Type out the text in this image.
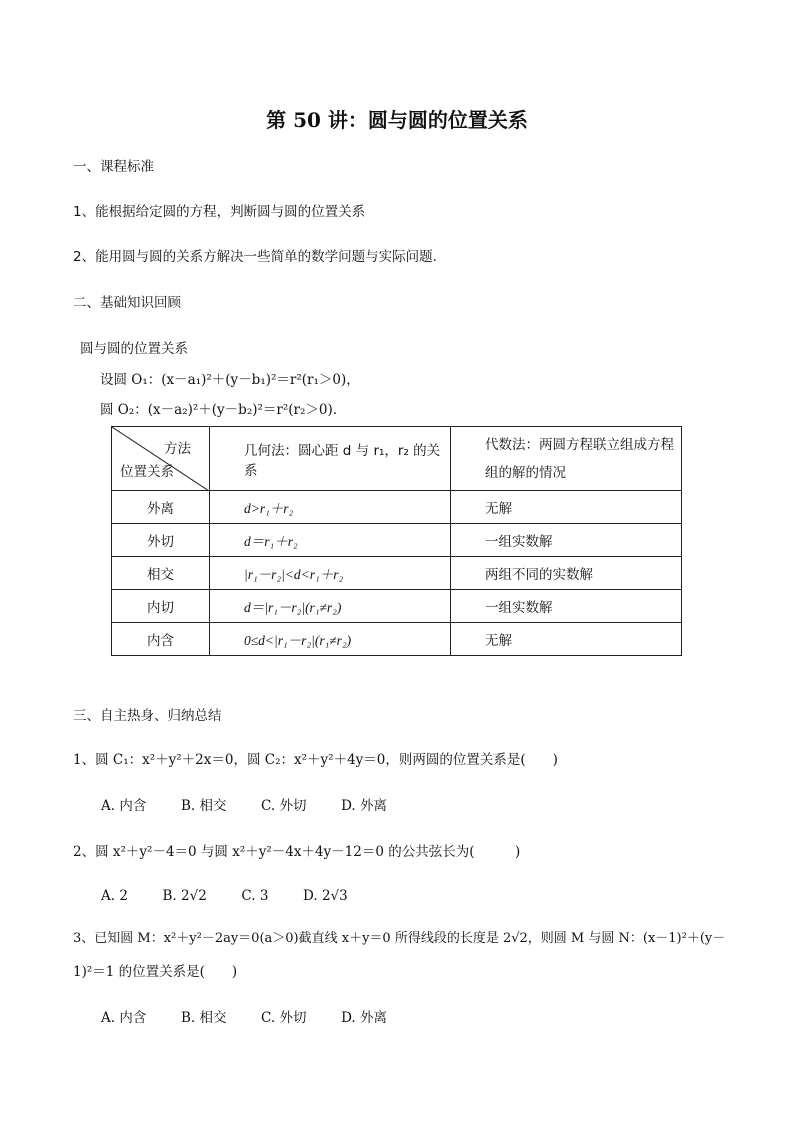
第 50 讲：圆与圆的位置关系
一、课程标准
1、能根据给定圆的方程，判断圆与圆的位置关系
2、能用圆与圆的关系方解决一些简单的数学问题与实际问题.
二、基础知识回顾
圆与圆的位置关系
设圆 O₁：(x－a₁)²＋(y－b₁)²＝r²(r₁＞0)，
圆 O₂：(x－a₂)²＋(y－b₂)²＝r²(r₂＞0).
方法
位置关系	几何法：圆心距 d 与 r₁，r₂ 的关系	代数法：两圆方程联立组成方程组的解的情况
外离	d>r₁＋r₂	无解
外切	d＝r₁＋r₂	一组实数解
相交	|r₁－r₂|<d<r₁＋r₂	两组不同的实数解
内切	d＝|r₁－r₂|(r₁≠r₂)	一组实数解
内含	0≤d<|r₁－r₂|(r₁≠r₂)	无解
三、自主热身、归纳总结
1、圆 C₁：x²＋y²＋2x＝0，圆 C₂：x²＋y²＋4y＝0，则两圆的位置关系是(　　)
A. 内含	B. 相交	C. 外切	D. 外离
2、圆 x²＋y²－4＝0 与圆 x²＋y²－4x＋4y－12＝0 的公共弦长为(　　　)
A. 2	B. 2√2	C. 3	D. 2√3
3、已知圆 M：x²＋y²－2ay＝0(a＞0)截直线 x＋y＝0 所得线段的长度是 2√2，则圆 M 与圆 N：(x－1)²＋(y－
1)²＝1 的位置关系是(　　)
A. 内含	B. 相交	C. 外切	D. 外离
